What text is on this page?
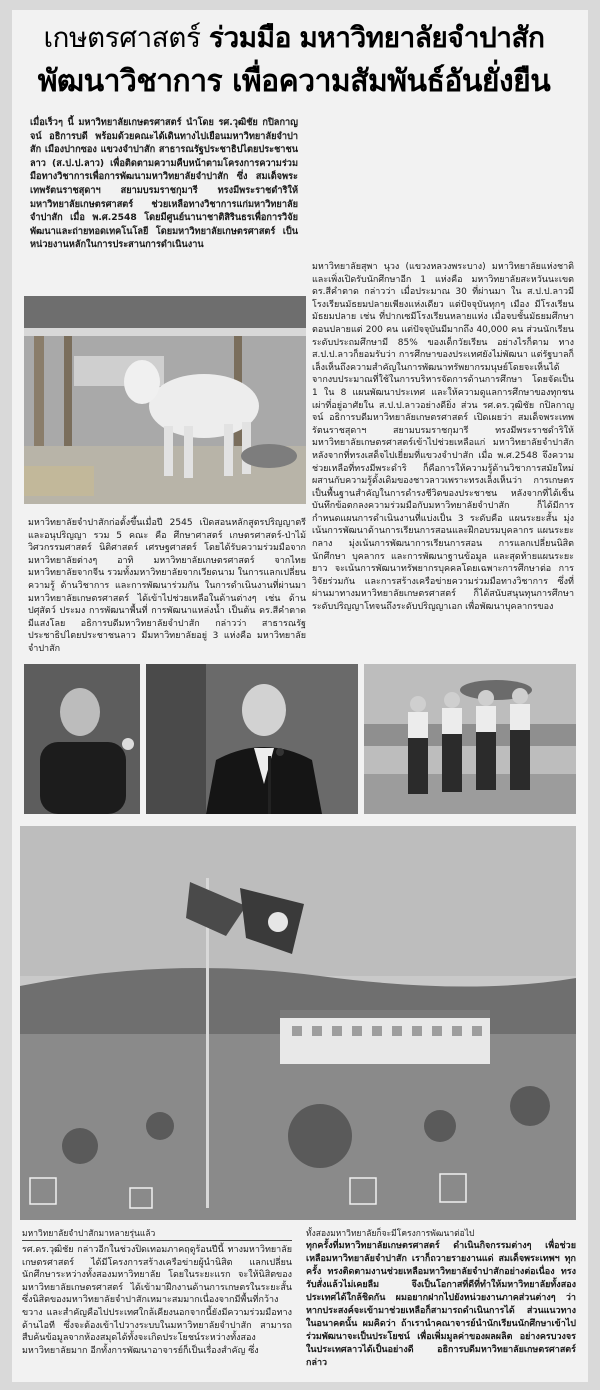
เกษตรศาสตร์ ร่วมมือ มหาวิทยาลัยจำปาสัก
พัฒนาวิชาการ เพื่อความสัมพันธ์อันยั่งยืน
เมื่อเร็วๆ นี้ มหาวิทยาลัยเกษตรศาสตร์ นำโดย รศ.วุฒิชัย กปิลกาญจน์ อธิการบดี พร้อมด้วยคณะได้เดินทางไปเยือนมหาวิทยาลัยจำปาสัก เมืองปากซอง แขวงจำปาสัก สาธารณรัฐประชาธิปไตยประชาชนลาว (ส.ป.ป.ลาว) เพื่อติดตามความคืบหน้าตามโครงการความร่วมมือทางวิชาการเพื่อการพัฒนามหาวิทยาลัยจำปาสัก ซึ่ง สมเด็จพระเทพรัตนราชสุดาฯ สยามบรมราชกุมารี ทรงมีพระราชดำริให้ มหาวิทยาลัยเกษตรศาสตร์ ช่วยเหลือทางวิชาการแก่มหาวิทยาลัยจำปาสัก เมื่อ พ.ศ.2548 โดยมีศูนย์นานาชาติสิรินธรเพื่อการวิจัย พัฒนาและถ่ายทอดเทคโนโลยี โดยมหาวิทยาลัยเกษตรศาสตร์ เป็นหน่วยงานหลักในการประสานการดำเนินงาน
มหาวิทยาลัยจำปาสักก่อตั้งขึ้นเมื่อปี 2545 เปิดสอนหลักสูตรปริญญาตรีและอนุปริญญา รวม 5 คณะ คือ ศึกษาศาสตร์ เกษตรศาสตร์-ป่าไม้ วิศวกรรมศาสตร์ นิติศาสตร์ เศรษฐศาสตร์ โดยได้รับความร่วมมือจากมหาวิทยาลัยต่างๆ อาทิ มหาวิทยาลัยเกษตรศาสตร์ จากไทย มหาวิทยาลัยจากจีน รวมทั้งมหาวิทยาลัยจากเวียดนาม ในการแลกเปลี่ยนความรู้ ด้านวิชาการ และการพัฒนาร่วมกัน ในการดำเนินงานที่ผ่านมา มหาวิทยาลัยเกษตรศาสตร์ ได้เข้าไปช่วยเหลือในด้านต่างๆ เช่น ด้านปศุสัตว์ ประมง การพัฒนาพื้นที่ การพัฒนาแหล่งน้ำ เป็นต้น ดร.สีคำตาด มีแสงโลย อธิการบดีมหาวิทยาลัยจำปาสัก กล่าวว่า สาธารณรัฐประชาธิปไตยประชาชนลาว มีมหาวิทยาลัยอยู่ 3 แห่งคือ มหาวิทยาลัยจำปาสัก
มหาวิทยาลัยสุพา นุวง (แขวงหลวงพระบาง) มหาวิทยาลัยแห่งชาติ และเพิ่งเปิดรับนักศึกษาอีก 1 แห่งคือ มหาวิทยาลัยสะหวันนะเขต ดร.สีคำตาด กล่าวว่า เมื่อประมาณ 30 ที่ผ่านมา ใน ส.ป.ป.ลาวมีโรงเรียนมัธยมปลายเพียงแห่งเดียว แต่ปัจจุบันทุกๆ เมือง มีโรงเรียนมัธยมปลาย เช่น ที่ปากเซมีโรงเรียนหลายแห่ง เมื่อจบชั้นมัธยมศึกษาตอนปลายแต่ 200 คน แต่ปัจจุบันมีมากถึง 40,000 คน ส่วนนักเรียนระดับประถมศึกษามี 85% ของเด็กวัยเรียน อย่างไรก็ตาม ทาง ส.ป.ป.ลาวก็ยอมรับว่า การศึกษาของประเทศยังไม่พัฒนา แต่รัฐบาลก็เล็งเห็นถึงความสำคัญในการพัฒนาทรัพยากรมนุษย์โดยจะเห็นได้จากงบประมาณที่ใช้ในการบริหารจัดการด้านการศึกษา โดยจัดเป็น 1 ใน 8 แผนพัฒนาประเทศ และให้ความดูแลการศึกษาของทุกชนเผ่าที่อยู่อาศัยใน ส.ป.ป.ลาวอย่างดียิ่ง ส่วน รศ.ดร.วุฒิชัย กปิลกาญจน์ อธิการบดีมหาวิทยาลัยเกษตรศาสตร์ เปิดเผยว่า สมเด็จพระเทพรัตนราชสุดาฯ สยามบรมราชกุมารี ทรงมีพระราชดำริให้มหาวิทยาลัยเกษตรศาสตร์เข้าไปช่วยเหลือแก่ มหาวิทยาลัยจำปาสัก หลังจากที่ทรงเสด็จไปเยี่ยมที่แขวงจำปาสัก เมื่อ พ.ศ.2548 จึงความช่วยเหลือที่ทรงมีพระดำริ ก็คือการให้ความรู้ด้านวิชาการสมัยใหม่ผสานกับความรู้ดั้งเดิมของชาวลาวเพราะทรงเล็งเห็นว่า การเกษตรเป็นพื้นฐานสำคัญในการดำรงชีวิตของประชาชน หลังจากที่ได้เซ็นบันทึกข้อตกลงความร่วมมือกับมหาวิทยาลัยจำปาสัก ก็ได้มีการกำหนดแผนการดำเนินงานที่แบ่งเป็น 3 ระดับคือ แผนระยะสั้น มุ่งเน้นการพัฒนาด้านการเรียนการสอนและฝึกอบรมบุคลากร แผนระยะกลาง มุ่งเน้นการพัฒนาการเรียนการสอน การแลกเปลี่ยนนิสิต นักศึกษา บุคลากร และการพัฒนาฐานข้อมูล และสุดท้ายแผนระยะยาว จะเน้นการพัฒนาทรัพยากรบุคคลโดยเฉพาะการศึกษาต่อ การวิจัยร่วมกัน และการสร้างเครือข่ายความร่วมมือทางวิชาการ ซึ่งที่ผ่านมาทางมหาวิทยาลัยเกษตรศาสตร์ ก็ได้สนับสนุนทุนการศึกษาระดับปริญญาโทจนถึงระดับปริญญาเอก เพื่อพัฒนาบุคลากรของ
มหาวิทยาลัยจำปาสักมาหลายรุ่นแล้ว
รศ.ดร.วุฒิชัย กล่าวอีกในช่วงปิดเทอมภาคฤดูร้อนปีนี้ ทางมหาวิทยาลัยเกษตรศาสตร์ ได้มีโครงการสร้างเครือข่ายผู้นำนิสิต แลกเปลี่ยนนักศึกษาระหว่างทั้งสองมหาวิทยาลัย โดยในระยะแรก จะให้นิสิตของมหาวิทยาลัยเกษตรศาสตร์ ได้เข้ามาฝึกงานด้านการเกษตรในระยะสั้น ซึ่งนิสิตของมหาวิทยาลัยจำปาสักเหมาะสมมากเนื่องจากมีพื้นที่กว้างขวาง และสำคัญคือไปประเทศใกล้เคียงนอกจากนี้ยังมีความร่วมมือทางด้านไอที ซึ่งจะต้องเข้าไปวางระบบในมหาวิทยาลัยจำปาสัก สามารถสืบค้นข้อมูลจากห้องสมุดได้ทั้งจะเกิดประโยชน์ระหว่างทั้งสองมหาวิทยาลัยมาก อีกทั้งการพัฒนาอาจารย์ก็เป็นเรื่องสำคัญ ซึ่ง
ทั้งสองมหาวิทยาลัยก็จะมีโครงการพัฒนาต่อไป
ทุกครั้งที่มหาวิทยาลัยเกษตรศาสตร์ ดำเนินกิจกรรมต่างๆ เพื่อช่วยเหลือมหาวิทยาลัยจำปาสัก เราก็ถวายรายงานแด่ สมเด็จพระเทพฯ ทุกครั้ง ทรงติดตามงานช่วยเหลือมหาวิทยาลัยจำปาสักอย่างต่อเนื่อง ทรงรับสั่งแล้วไม่เคยลืม จึงเป็นโอกาสที่ดีที่ทำให้มหาวิทยาลัยทั้งสองประเทศได้ใกล้ชิดกัน ผมอยากฝากไปยังหน่วยงานภาคส่วนต่างๆ ว่าหากประสงค์จะเข้ามาช่วยเหลือก็สามารถดำเนินการได้ ส่วนแนวทางในอนาคตนั้น ผมคิดว่า ถ้าเรานำคณาจารย์นำนักเรียนนักศึกษาเข้าไปร่วมพัฒนาจะเป็นประโยชน์ เพื่อเพิ่มมูลค่าของผลผลิต อย่างครบวงจรในประเทศลาวได้เป็นอย่างดี อธิการบดีมหาวิทยาลัยเกษตรศาสตร์ กล่าว
